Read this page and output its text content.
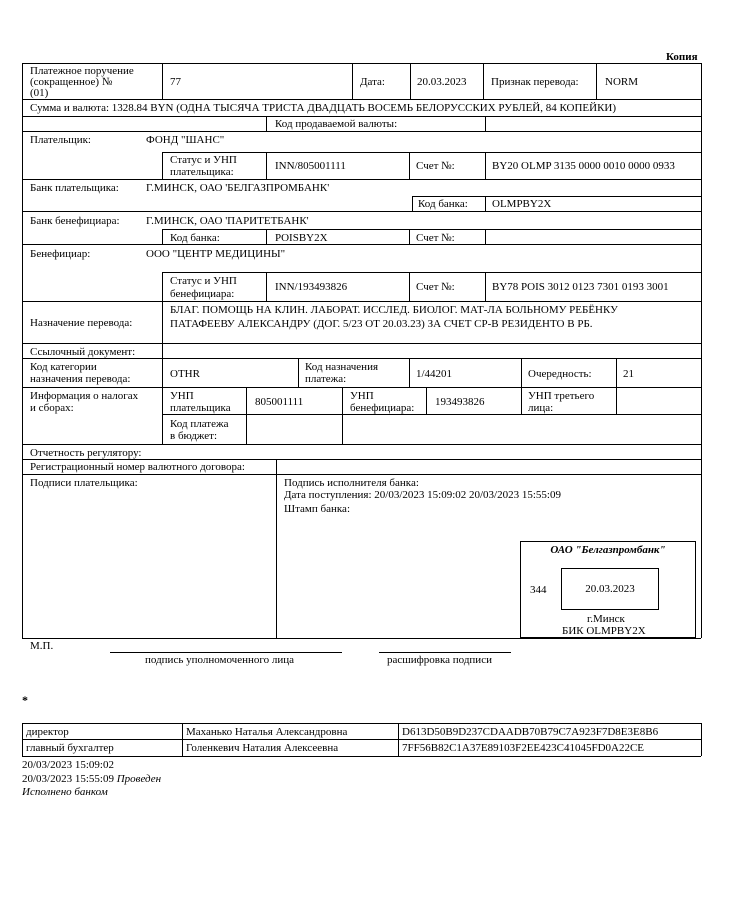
Копия
Платежное поручение
(сокращенное) №
(01)
77	Дата:	20.03.2023 Признак перевода: NORM
Сумма и валюта: 1328.84 BYN (ОДНА ТЫСЯЧА ТРИСТА ДВАДЦАТЬ ВОСЕМЬ БЕЛОРУССКИХ РУБЛЕЙ, 84 КОПЕЙКИ)
Код продаваемой валюты:
Плательщик:	ФОНД "ШАНС"
Статус и УНП
плательщика:	INN/805001111	Счет №:	BY20 OLMP 3135 0000 0010 0000 0933
Банк плательщика: Г.МИНСК, ОАО 'БЕЛГАЗПРОМБАНК'
Код банка: OLMPBY2X
Банк бенефициара: Г.МИНСК, ОАО 'ПАРИТЕТБАНК'
Код банка:	POISBY2X	Счет №:
Бенефициар:	ООО "ЦЕНТР МЕДИЦИНЫ"
Статус и УНП
бенефициара:
INN/193493826	Счет №:	BY78 POIS 3012 0123 7301 0193 3001
Назначение перевода:
БЛАГ. ПОМОЩЬ НА КЛИН. ЛАБОРАТ. ИССЛЕД. БИОЛОГ. МАТ-ЛА БОЛЬНОМУ РЕБЁНКУ
ПАТАФЕЕВУ АЛЕКСАНДРУ (ДОГ. 5/23 ОТ 20.03.23) ЗА СЧЕТ СР-В РЕЗИДЕНТО В РБ.
Ссылочный документ:
Код категории
назначения перевода:	OTHR
Код назначения
платежа:	1/44201	Очередность:	21
Информация о налогах
и сборах:
УНП
плательщика 805001111	УНП
бенефициара: 193493826	УНП третьего
лица:
Код платежа
в бюджет:
Отчетность регулятору:
Регистрационный номер валютного договора:
Подписи плательщика:	Подпись исполнителя банка:
Дата поступления: 20/03/2023 15:09:02 20/03/2023 15:55:09
Штамп банка:
ОАО "Белгазпромбанк"
344	20.03.2023
г.Минск
БИК OLMPBY2X
М.П.
подпись уполномоченного лица	расшифровка подписи
*
директор	Маханько Наталья Александровна	D613D50B9D237CDAADB70B79C7A923F7D8E3E8B6
главный бухгалтер	Голенкевич Наталия Алексеевна	7FF56B82C1A37E89103F2EE423C41045FD0A22CE
20/03/2023 15:09:02
20/03/2023 15:55:09 Проведен
Исполнено банком
